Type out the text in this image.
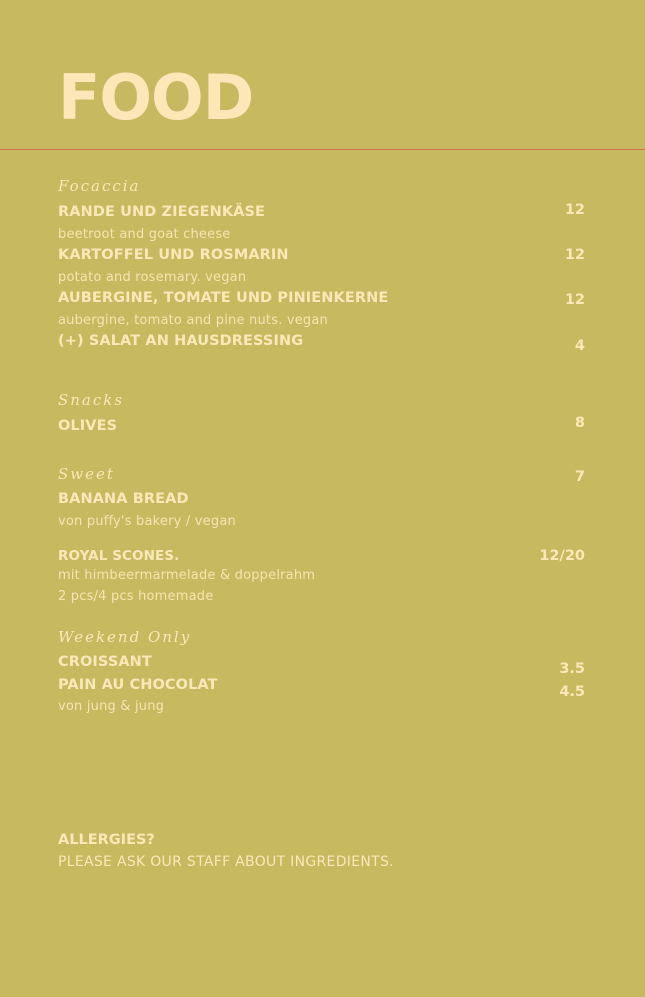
FOOD
Focaccia
RANDE UND ZIEGENKÄSE	12
beetroot and goat cheese
KARTOFFEL UND ROSMARIN	12
potato and rosemary. vegan
AUBERGINE, TOMATE UND PINIENKERNE	12
aubergine, tomato and pine nuts. vegan
(+) SALAT AN HAUSDRESSING	4
Snacks
OLIVES	8
Sweet	7
BANANA BREAD
von puffy's bakery / vegan
ROYAL SCONES.	12/20
mit himbeermarmelade & doppelrahm
2 pcs/4 pcs homemade
Weekend Only
CROISSANT	3.5
PAIN AU CHOCOLAT	4.5
von jung & jung
ALLERGIES?
PLEASE ASK OUR STAFF ABOUT INGREDIENTS.
